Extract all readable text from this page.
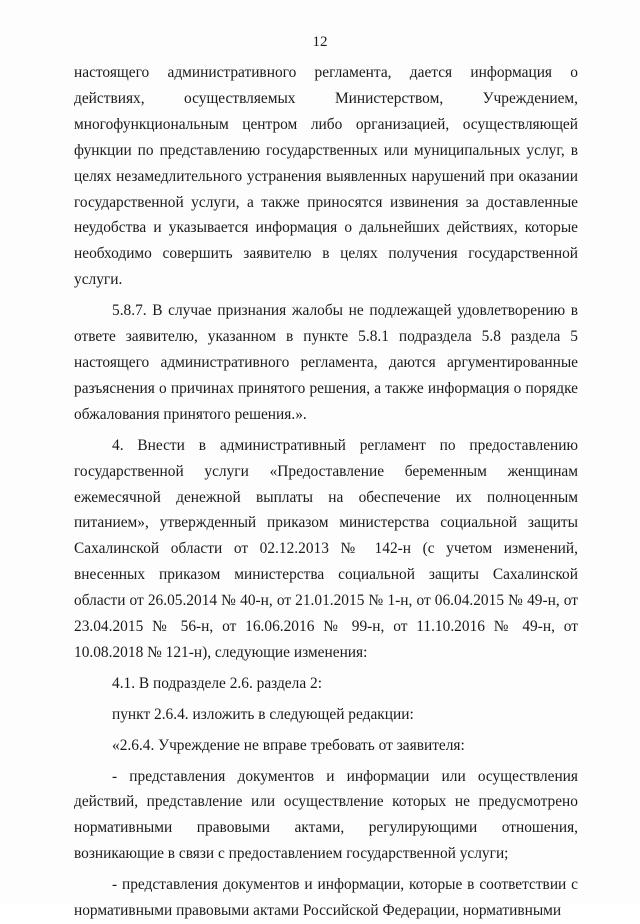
12

настоящего административного регламента, дается информация о действиях, осуществляемых Министерством, Учреждением, многофункциональным центром либо организацией, осуществляющей функции по представлению государственных или муниципальных услуг, в целях незамедлительного устранения выявленных нарушений при оказании государственной услуги, а также приносятся извинения за доставленные неудобства и указывается информация о дальнейших действиях, которые необходимо совершить заявителю в целях получения государственной услуги.

5.8.7. В случае признания жалобы не подлежащей удовлетворению в ответе заявителю, указанном в пункте 5.8.1 подраздела 5.8 раздела 5 настоящего административного регламента, даются аргументированные разъяснения о причинах принятого решения, а также информация о порядке обжалования принятого решения.».

4. Внести в административный регламент по предоставлению государственной услуги «Предоставление беременным женщинам ежемесячной денежной выплаты на обеспечение их полноценным питанием», утвержденный приказом министерства социальной защиты Сахалинской области от 02.12.2013 № 142-н (с учетом изменений, внесенных приказом министерства социальной защиты Сахалинской области от 26.05.2014 № 40-н, от 21.01.2015 № 1-н, от 06.04.2015 № 49-н, от 23.04.2015 № 56-н, от 16.06.2016 № 99-н, от 11.10.2016 № 49-н, от 10.08.2018 № 121-н), следующие изменения:

4.1. В подразделе 2.6. раздела 2:

пункт 2.6.4. изложить в следующей редакции:

«2.6.4. Учреждение не вправе требовать от заявителя:

- представления документов и информации или осуществления действий, представление или осуществление которых не предусмотрено нормативными правовыми актами, регулирующими отношения, возникающие в связи с предоставлением государственной услуги;

- представления документов и информации, которые в соответствии с нормативными правовыми актами Российской Федерации, нормативными
